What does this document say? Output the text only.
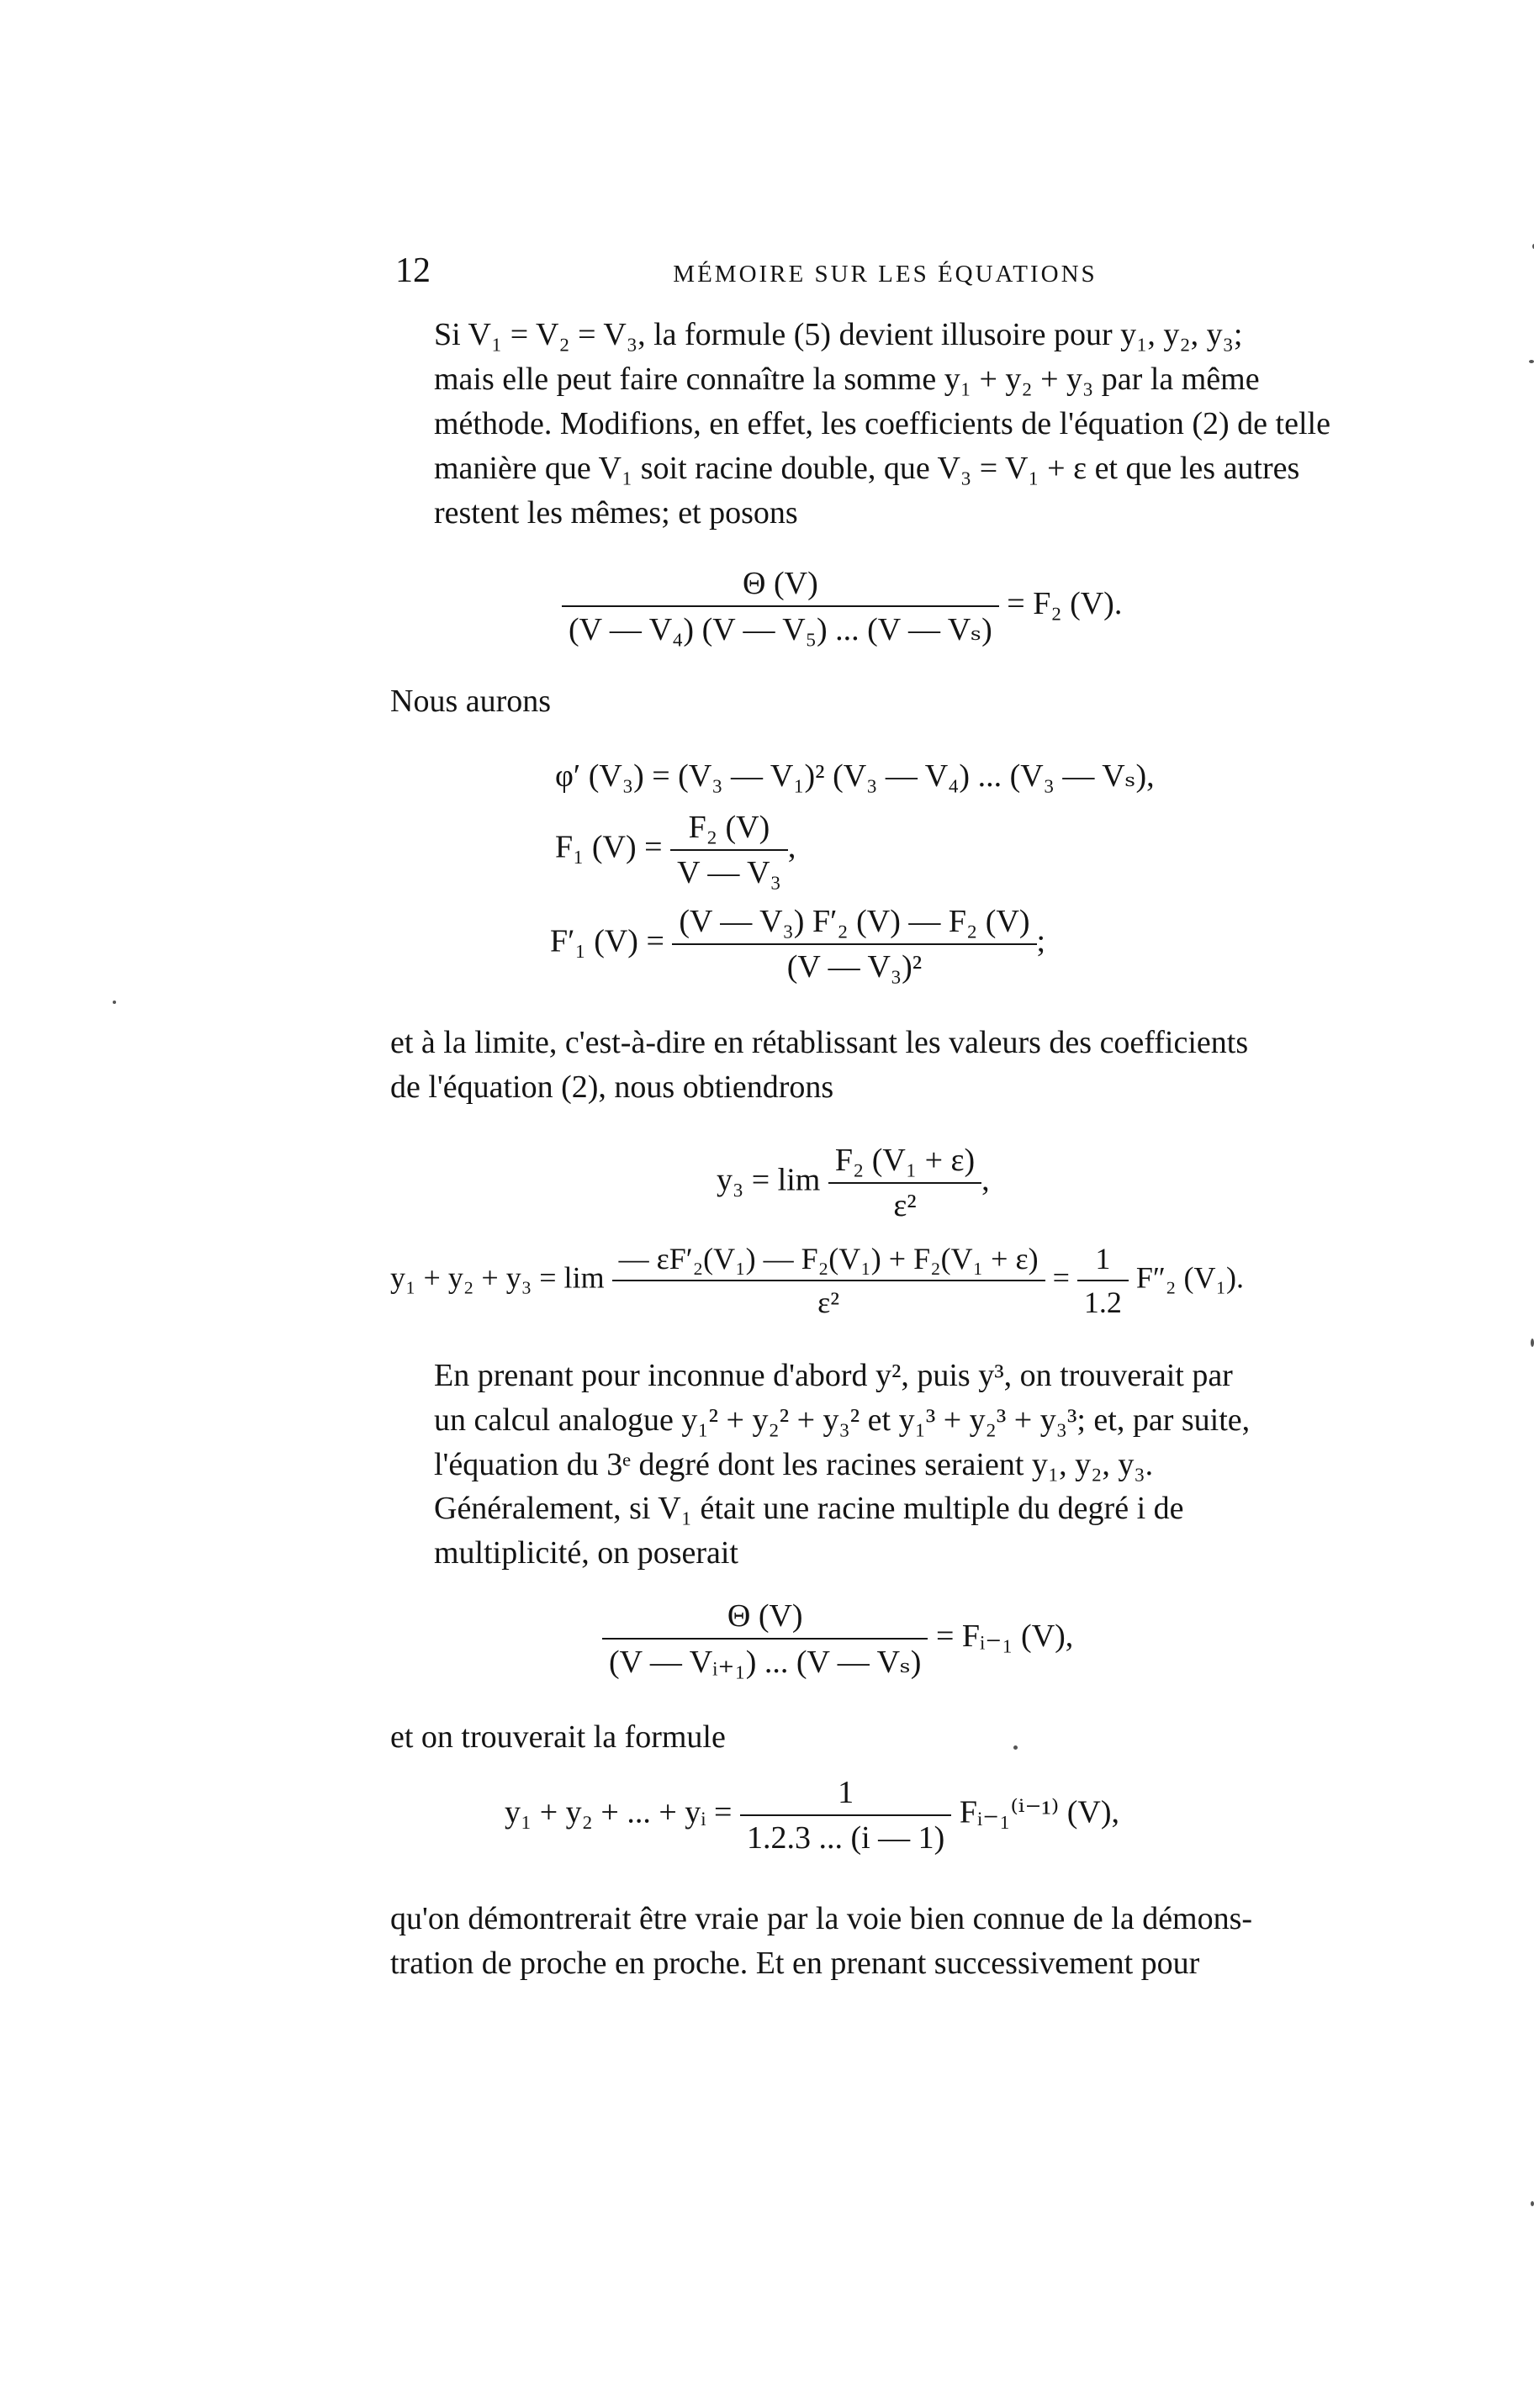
12	MÉMOIRE SUR LES ÉQUATIONS

Si V₁ = V₂ = V₃, la formule (5) devient illusoire pour y₁, y₂, y₃;
mais elle peut faire connaître la somme y₁ + y₂ + y₃ par la même
méthode. Modifions, en effet, les coefficients de l'équation (2) de telle
manière que V₁ soit racine double, que V₃ = V₁ + ε et que les autres
restent les mêmes; et posons

$\frac{\Theta (V)}{\text{(V — V₄) (V — V₅) ... (V — Vₛ)}} = F_2$ (V).

Nous aurons

φ′ (V₃) = (V₃ — V₁)² (V₃ — V₄) ... (V₃ — Vₛ),
F₁ $(V) = \frac{\text{F₂ (V)}}{\text{V — V₃}}$ ,
F′₁ $(V) = \frac{\text{(V — V₃) F′₂ (V) — F₂ (V)}}{\text{(V — V₃)²}}$ ;

et à la limite, c'est-à-dire en rétablissant les valeurs des coefficients
de l'équation (2), nous obtiendrons

$y_3 = \lim \frac{\text{F₂ (V₁ + ε)}}{\text{ε²}}$ ,
$y_1 + y_2 + y_3 = \lim \frac{\text{— εF′₂(V₁) — F₂(V₁) + F₂(V₁ + ε)}}{\text{ε²}} = \frac{1}{1.2} F''_2$ (V₁).

En prenant pour inconnue d'abord y², puis y³, on trouverait par
un calcul analogue y₁² + y₂² + y₃² et y₁³ + y₂³ + y₃³; et, par suite,
l'équation du 3ᵉ degré dont les racines seraient y₁, y₂, y₃.

Généralement, si V₁ était une racine multiple du degré i de
multiplicité, on poserait

$\frac{\Theta (V)}{\text{(V — Vᵢ₊₁) ... (V — Vₛ)}}$ = Fᵢ₋₁ (V),

et on trouverait la formule

y₁ + y₂ + ... + yᵢ = $\frac{1}{1.2.3 ... (i — 1)}$ Fᵢ₋₁⁽ⁱ⁻¹⁾ (V),

qu'on démontrerait être vraie par la voie bien connue de la démons-
tration de proche en proche. Et en prenant successivement pour
